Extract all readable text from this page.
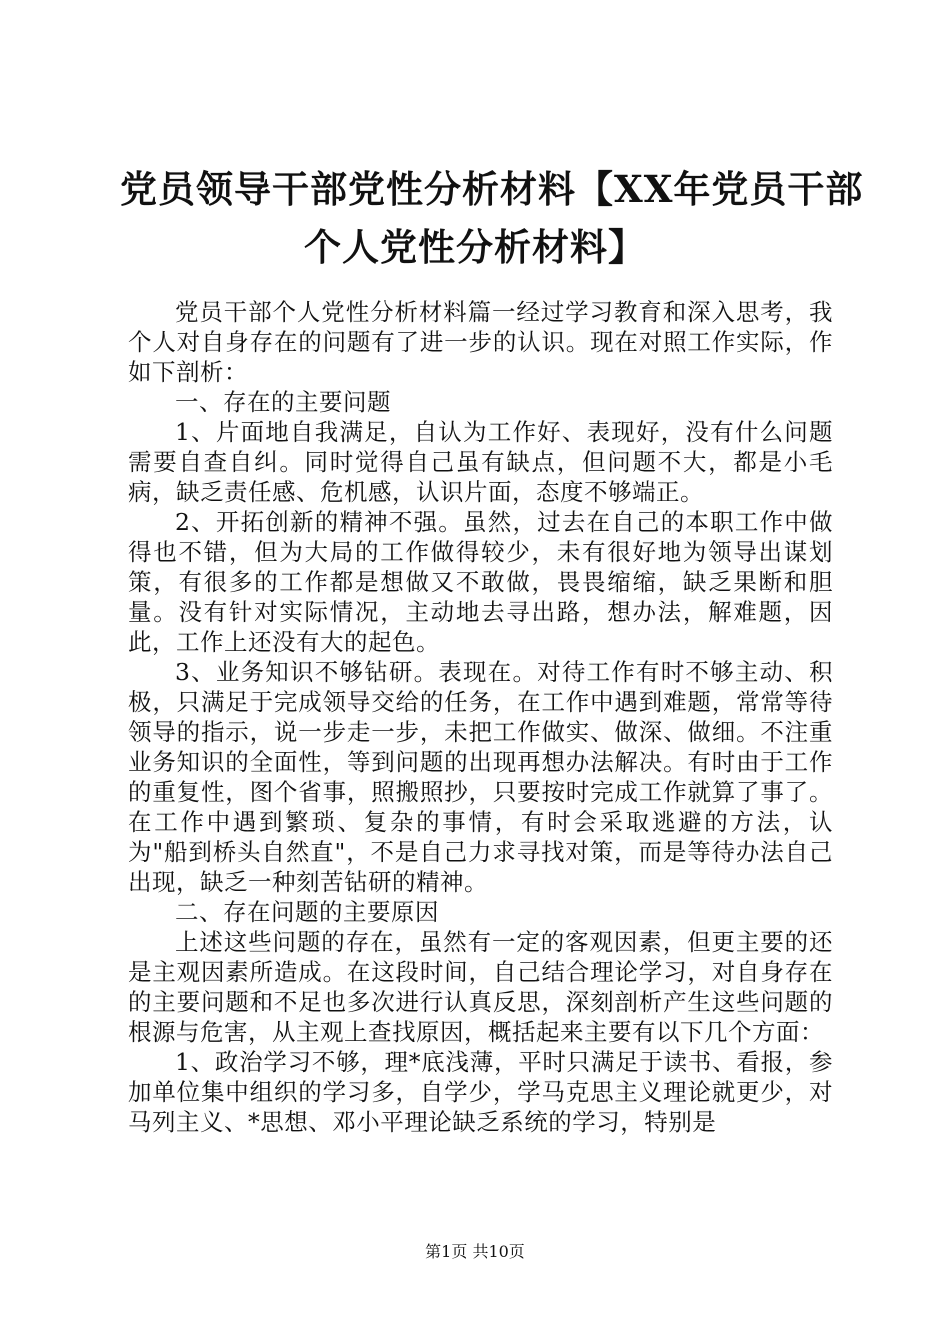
党员领导干部党性分析材料【XX年党员干部
个人党性分析材料】

党员干部个人党性分析材料篇一经过学习教育和深入思考，我个人对自身存在的问题有了进一步的认识。现在对照工作实际，作如下剖析：

一、存在的主要问题

1、片面地自我满足，自认为工作好、表现好，没有什么问题需要自查自纠。同时觉得自己虽有缺点，但问题不大，都是小毛病，缺乏责任感、危机感，认识片面，态度不够端正。

2、开拓创新的精神不强。虽然，过去在自己的本职工作中做得也不错，但为大局的工作做得较少，未有很好地为领导出谋划策，有很多的工作都是想做又不敢做，畏畏缩缩，缺乏果断和胆量。没有针对实际情况，主动地去寻出路，想办法，解难题，因此，工作上还没有大的起色。

3、业务知识不够钻研。表现在。对待工作有时不够主动、积极，只满足于完成领导交给的任务，在工作中遇到难题，常常等待领导的指示，说一步走一步，未把工作做实、做深、做细。不注重业务知识的全面性，等到问题的出现再想办法解决。有时由于工作的重复性，图个省事，照搬照抄，只要按时完成工作就算了事了。在工作中遇到繁琐、复杂的事情，有时会采取逃避的方法，认为"船到桥头自然直"，不是自己力求寻找对策，而是等待办法自己出现，缺乏一种刻苦钻研的精神。

二、存在问题的主要原因

上述这些问题的存在，虽然有一定的客观因素，但更主要的还是主观因素所造成。在这段时间，自己结合理论学习，对自身存在的主要问题和不足也多次进行认真反思，深刻剖析产生这些问题的根源与危害，从主观上查找原因，概括起来主要有以下几个方面：

1、政治学习不够，理*底浅薄，平时只满足于读书、看报，参加单位集中组织的学习多，自学少，学马克思主义理论就更少，对马列主义、*思想、邓小平理论缺乏系统的学习，特别是

第1页 共10页
